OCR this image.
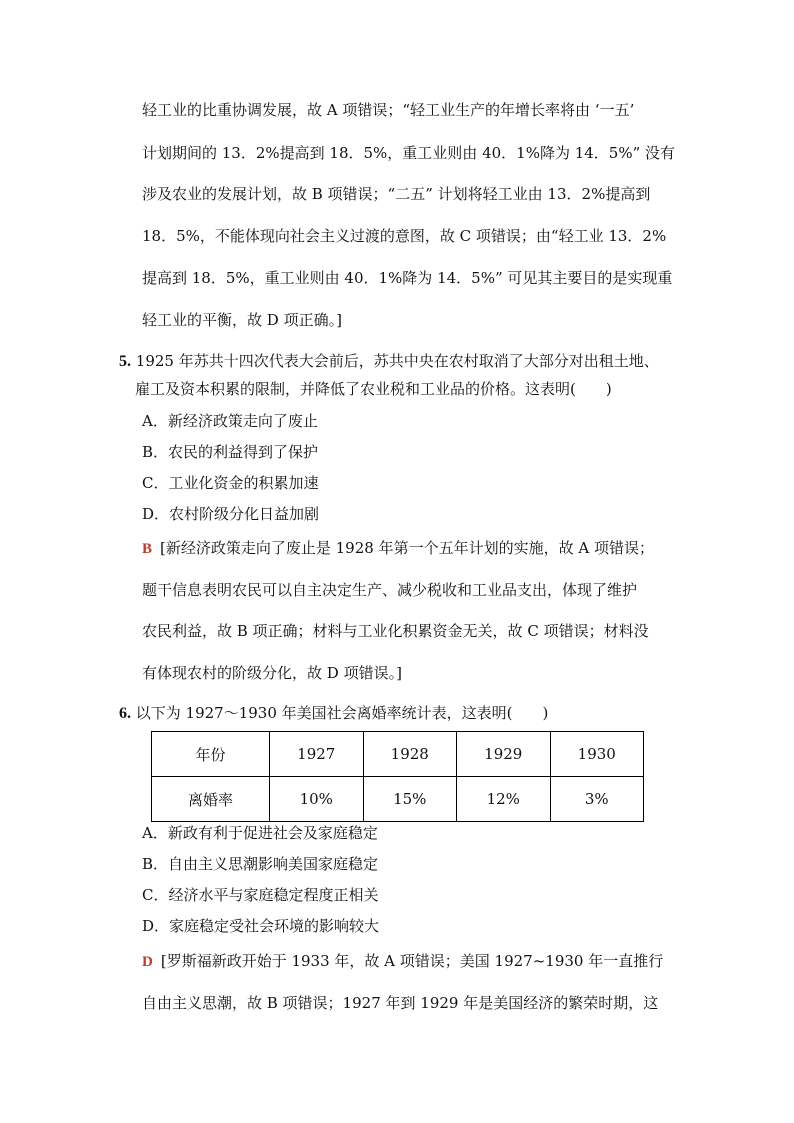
轻工业的比重协调发展，故 A 项错误；“轻工业生产的年增长率将由 ‘一五’
计划期间的 13．2%提高到 18．5%，重工业则由 40．1%降为 14．5%” 没有
涉及农业的发展计划，故 B 项错误；“二五” 计划将轻工业由 13．2%提高到
18．5%，不能体现向社会主义过渡的意图，故 C 项错误；由“轻工业 13．2%
提高到 18．5%，重工业则由 40．1%降为 14．5%” 可见其主要目的是实现重
轻工业的平衡，故 D 项正确。]
5. 1925 年苏共十四次代表大会前后，苏共中央在农村取消了大部分对出租土地、
雇工及资本积累的限制，并降低了农业税和工业品的价格。这表明(　　)
A．新经济政策走向了废止
B．农民的利益得到了保护
C．工业化资金的积累加速
D．农村阶级分化日益加剧
B [新经济政策走向了废止是 1928 年第一个五年计划的实施，故 A 项错误；
题干信息表明农民可以自主决定生产、减少税收和工业品支出，体现了维护
农民利益，故 B 项正确；材料与工业化积累资金无关，故 C 项错误；材料没
有体现农村的阶级分化，故 D 项错误。]
6. 以下为 1927～1930 年美国社会离婚率统计表，这表明(　　)
年份	1927	1928	1929	1930
离婚率	10%	15%	12%	3%
A．新政有利于促进社会及家庭稳定
B．自由主义思潮影响美国家庭稳定
C．经济水平与家庭稳定程度正相关
D．家庭稳定受社会环境的影响较大
D [罗斯福新政开始于 1933 年，故 A 项错误；美国 1927~1930 年一直推行
自由主义思潮，故 B 项错误；1927 年到 1929 年是美国经济的繁荣时期，这
